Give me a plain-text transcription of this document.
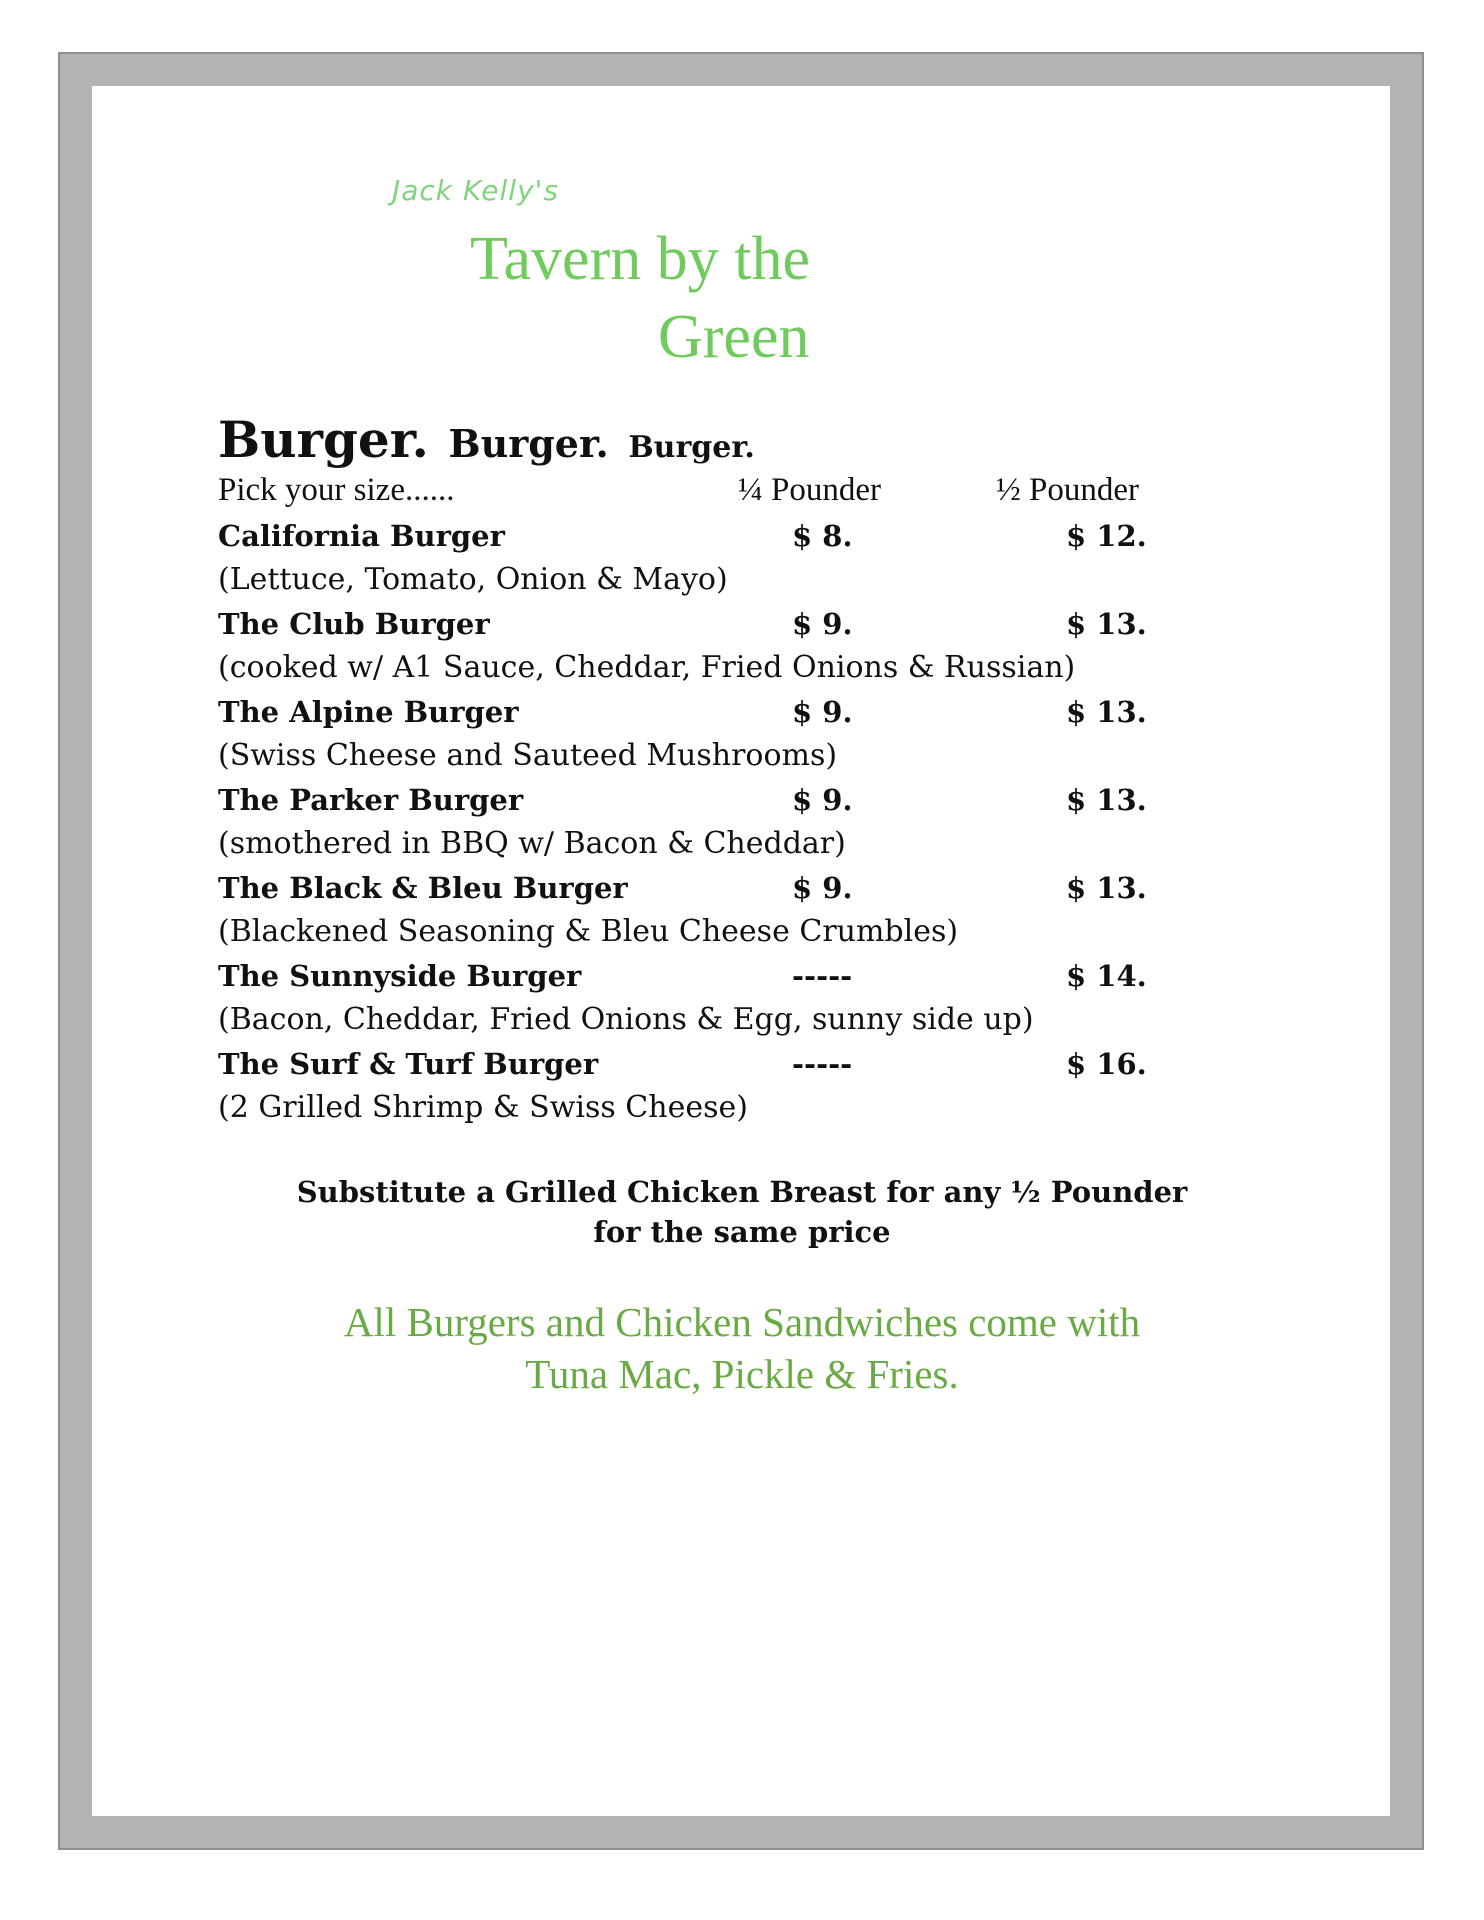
Jack Kelly's
Tavern by the
Green
Burger. Burger. Burger.
Pick your size......	¼ Pounder	½ Pounder
California Burger	$ 8.	$ 12.
(Lettuce, Tomato, Onion & Mayo)
The Club Burger	$ 9.	$ 13.
(cooked w/ A1 Sauce, Cheddar, Fried Onions & Russian)
The Alpine Burger	$ 9.	$ 13.
(Swiss Cheese and Sauteed Mushrooms)
The Parker Burger	$ 9.	$ 13.
(smothered in BBQ w/ Bacon & Cheddar)
The Black & Bleu Burger	$ 9.	$ 13.
(Blackened Seasoning & Bleu Cheese Crumbles)
The Sunnyside Burger	-----	$ 14.
(Bacon, Cheddar, Fried Onions & Egg, sunny side up)
The Surf & Turf Burger	-----	$ 16.
(2 Grilled Shrimp & Swiss Cheese)
Substitute a Grilled Chicken Breast for any ½ Pounder
for the same price
All Burgers and Chicken Sandwiches come with
Tuna Mac, Pickle & Fries.
